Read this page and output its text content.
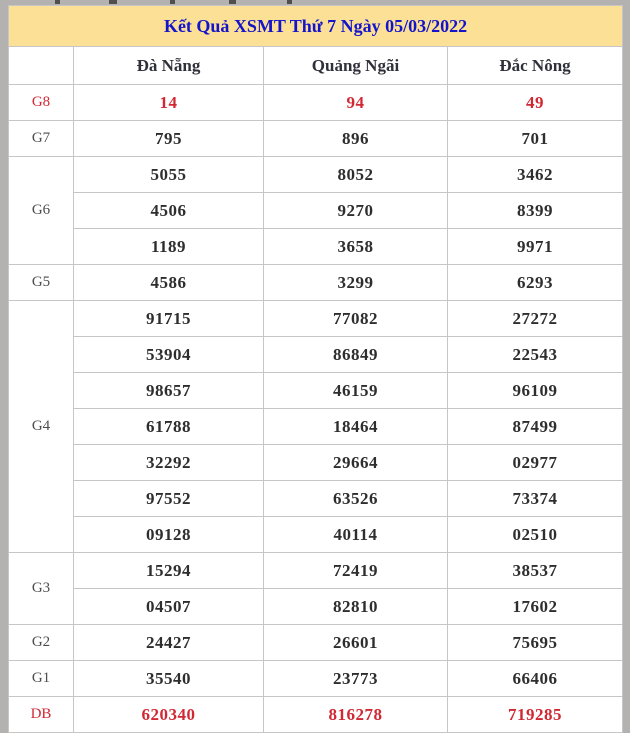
Kết Quả XSMT Thứ 7 Ngày 05/03/2022			
	Đà Nẵng	Quảng Ngãi	Đắc Nông
G8	14	94	49
G7	795	896	701
G6	5055	8052	3462
	4506	9270	8399
	1189	3658	9971
G5	4586	3299	6293
G4	91715	77082	27272
	53904	86849	22543
	98657	46159	96109
	61788	18464	87499
	32292	29664	02977
	97552	63526	73374
	09128	40114	02510
G3	15294	72419	38537
	04507	82810	17602
G2	24427	26601	75695
G1	35540	23773	66406
DB	620340	816278	719285
